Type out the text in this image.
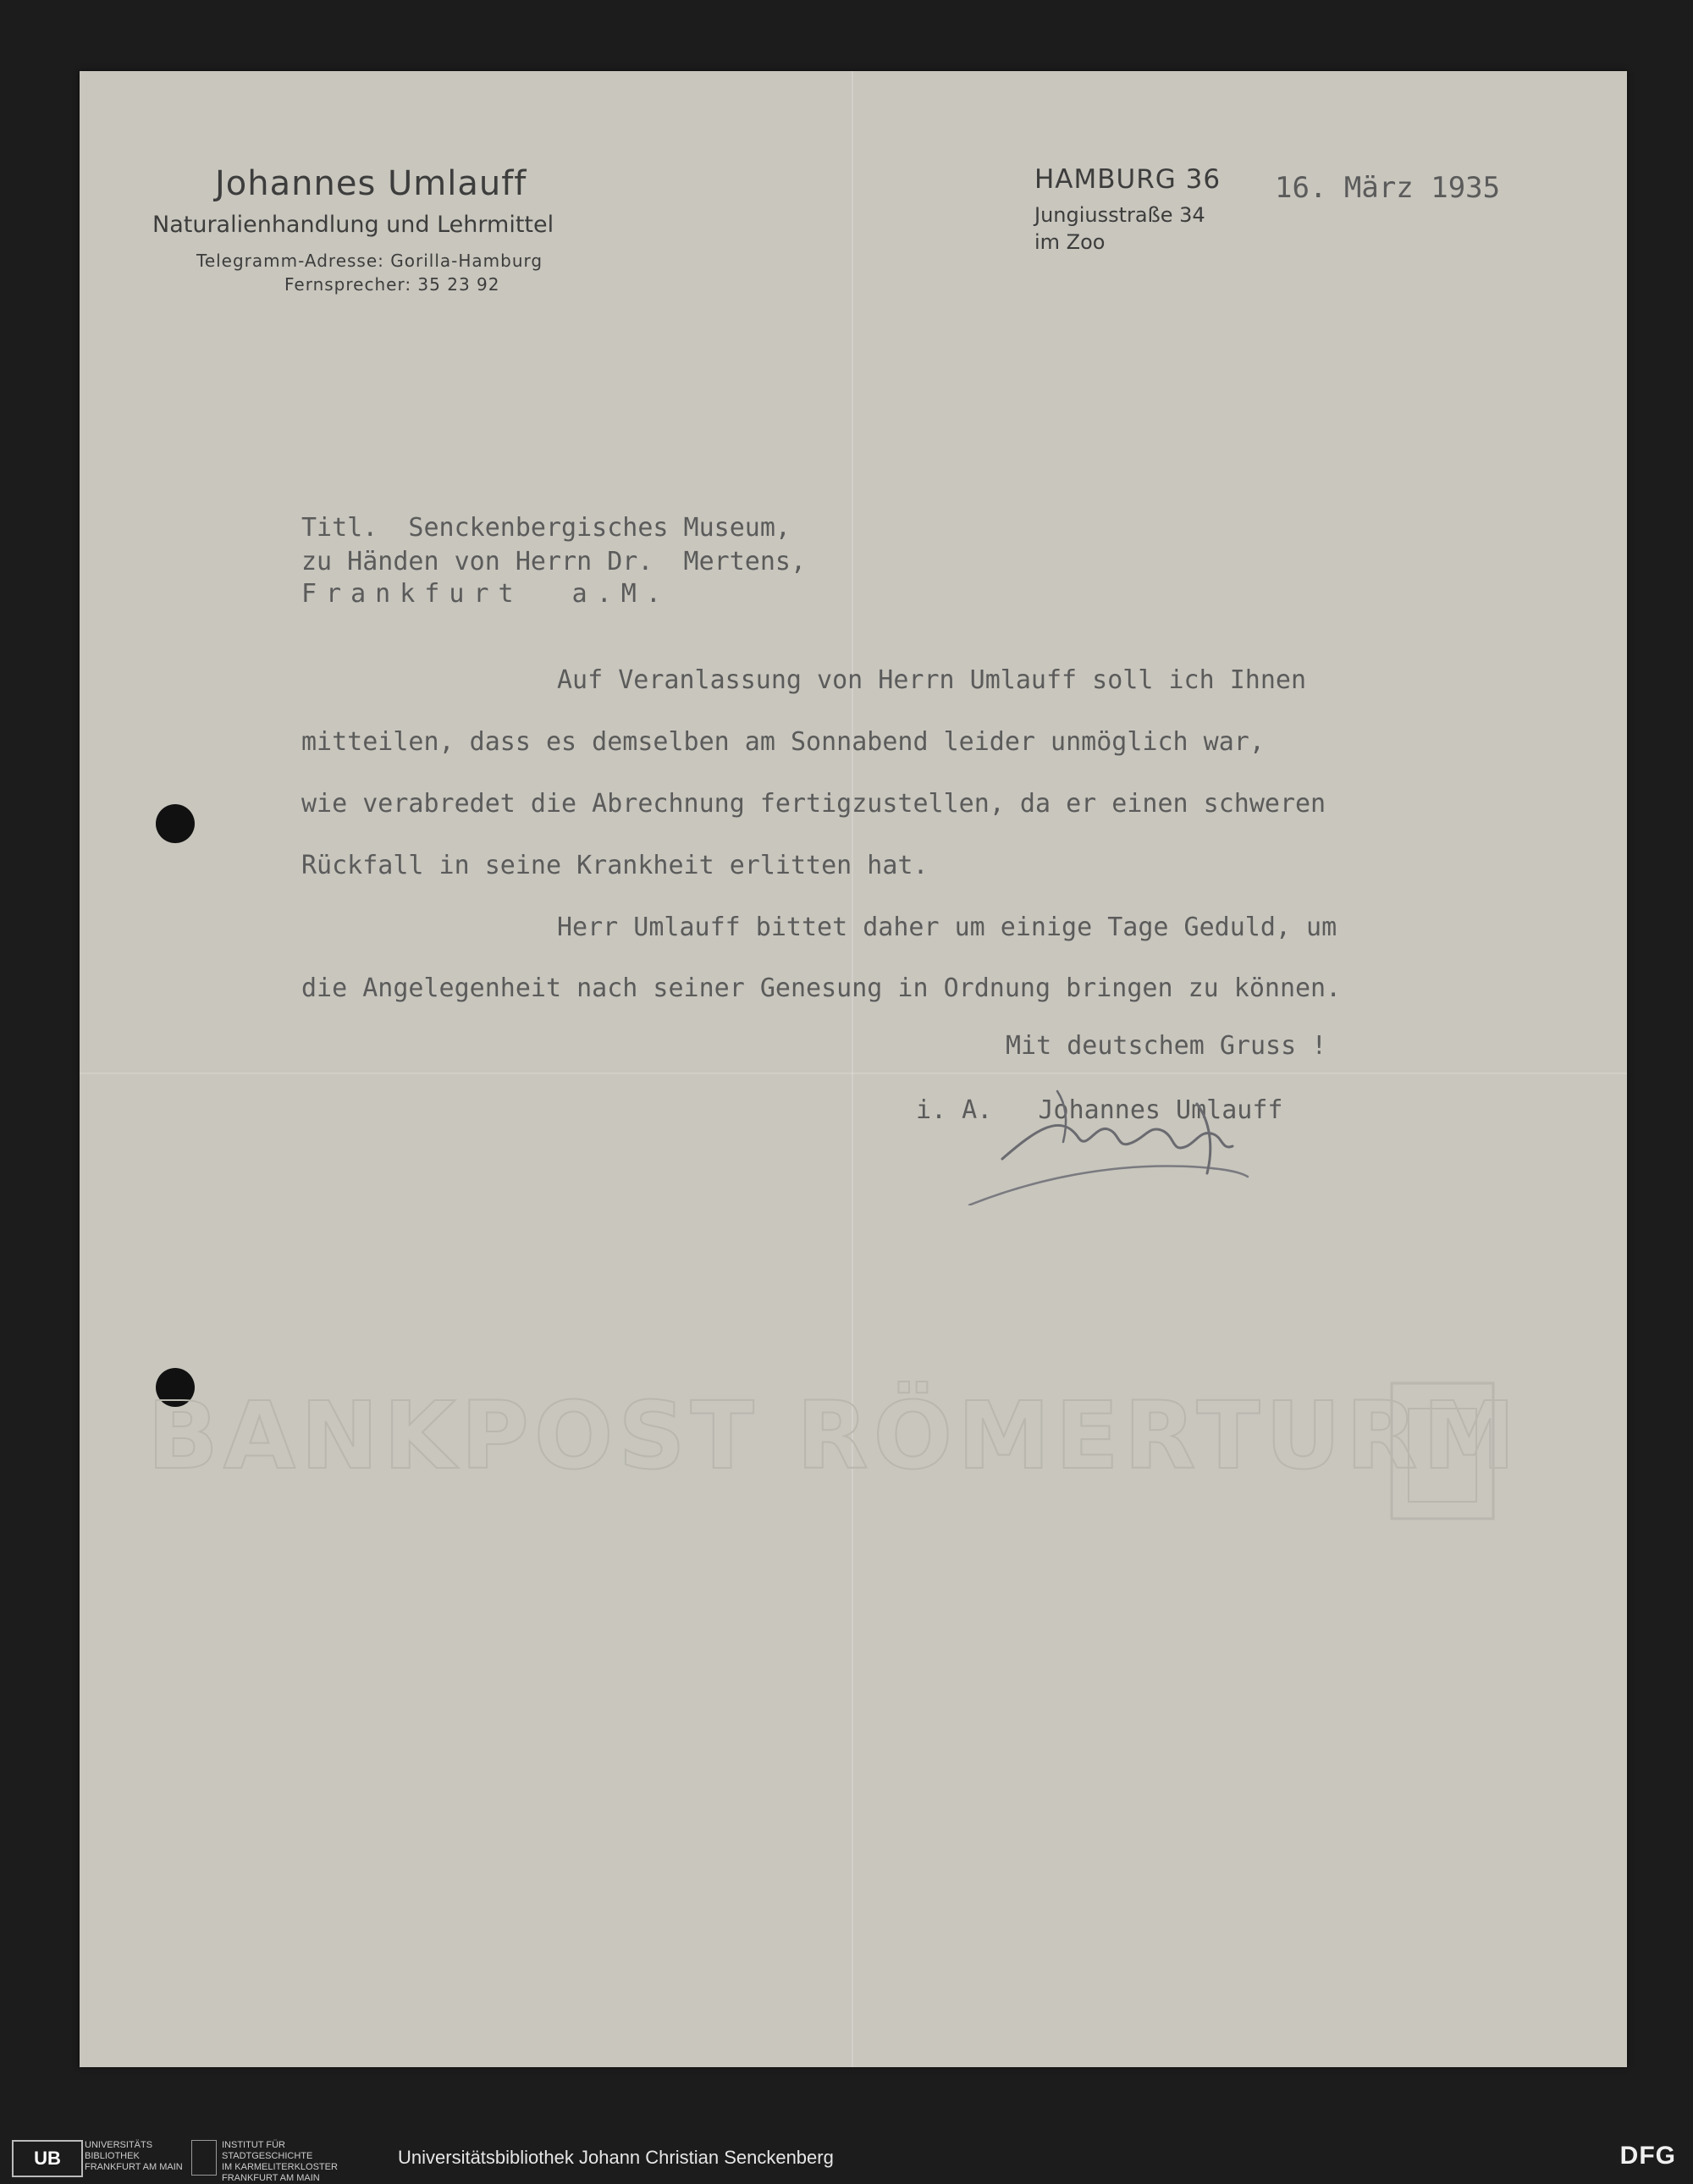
BANKPOST RÖMERTURM
Johannes Umlauff
Naturalienhandlung und Lehrmittel
Telegramm-Adresse: Gorilla-Hamburg
Fernsprecher: 35 23 92
HAMBURG 36
Jungiusstraße 34
im Zoo
16. März 1935
Titl.  Senckenbergisches Museum,
zu Händen von Herrn Dr.  Mertens,
Frankfurt  a.M.
Auf Veranlassung von Herrn Umlauff soll ich Ihnen
mitteilen, dass es demselben am Sonnabend leider unmöglich war,
wie verabredet die Abrechnung fertigzustellen, da er einen schweren
Rückfall in seine Krankheit erlitten hat.
Herr Umlauff bittet daher um einige Tage Geduld, um
die Angelegenheit nach seiner Genesung in Ordnung bringen zu können.
Mit deutschem Gruss !
i. A.   Johannes Umlauff
UB
UNIVERSITÄTS
BIBLIOTHEK
FRANKFURT AM MAIN
INSTITUT FÜR
STADTGESCHICHTE
IM KARMELITERKLOSTER
FRANKFURT AM MAIN
Universitätsbibliothek Johann Christian Senckenberg	DFG
